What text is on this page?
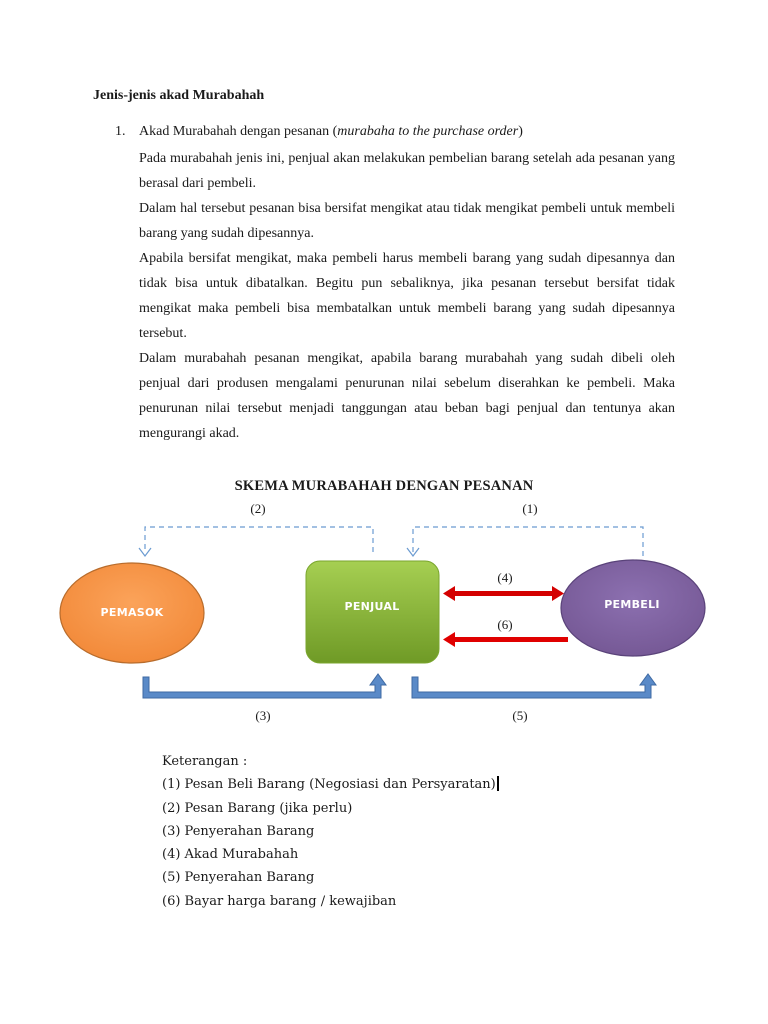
Jenis-jenis akad Murabahah
1. Akad Murabahah dengan pesanan (murabaha to the purchase order)
Pada murabahah jenis ini, penjual akan melakukan pembelian barang setelah ada pesanan yang berasal dari pembeli.
Dalam hal tersebut pesanan bisa bersifat mengikat atau tidak mengikat pembeli untuk membeli barang yang sudah dipesannya.
Apabila bersifat mengikat, maka pembeli harus membeli barang yang sudah dipesannya dan tidak bisa untuk dibatalkan. Begitu pun sebaliknya, jika pesanan tersebut bersifat tidak mengikat maka pembeli bisa membatalkan untuk membeli barang yang sudah dipesannya tersebut.
Dalam murabahah pesanan mengikat, apabila barang murabahah yang sudah dibeli oleh penjual dari produsen mengalami penurunan nilai sebelum diserahkan ke pembeli. Maka penurunan nilai tersebut menjadi tanggungan atau beban bagi penjual dan tentunya akan mengurangi akad.
SKEMA MURABAHAH DENGAN PESANAN
PEMASOK	PENJUAL	PEMBELI
(2)	(1)
(4)
(6)
(3)	(5)
Keterangan :
(1) Pesan Beli Barang (Negosiasi dan Persyaratan)
(2) Pesan Barang (jika perlu)
(3) Penyerahan Barang
(4) Akad Murabahah
(5) Penyerahan Barang
(6) Bayar harga barang / kewajiban
